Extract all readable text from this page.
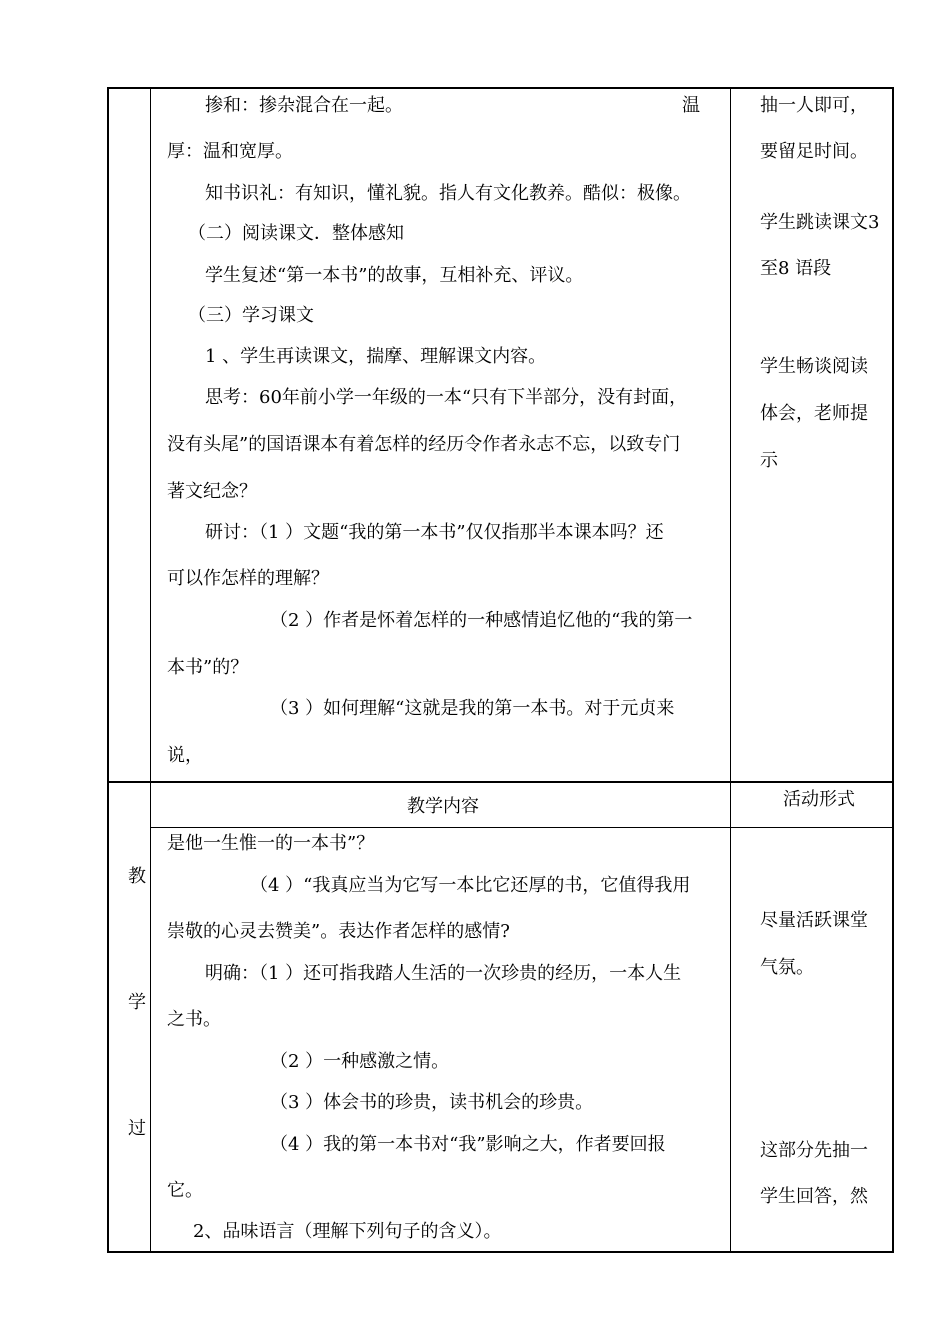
掺和：掺杂混合在一起。	温
厚：温和宽厚。
知书识礼：有知识，懂礼貌。指人有文化教养。酷似：极像。
（二）阅读课文．整体感知
学生复述“第一本书”的故事，互相补充、评议。
（三）学习课文
1 、学生再读课文，揣摩、理解课文内容。
思考：60年前小学一年级的一本“只有下半部分，没有封面，
没有头尾”的国语课本有着怎样的经历令作者永志不忘，以致专门
著文纪念？
研讨：（1 ）文题“我的第一本书”仅仅指那半本课本吗？还
可以作怎样的理解？
（2 ）作者是怀着怎样的一种感情追忆他的“我的第一
本书”的？
（3 ）如何理解“这就是我的第一本书。对于元贞来
说，
抽一人即可，
要留足时间。
学生跳读课文3
至8 语段
学生畅谈阅读
体会，老师提
示
教学内容	活动形式
教
学
过
是他一生惟一的一本书”？
（4 ）“我真应当为它写一本比它还厚的书，它值得我用
崇敬的心灵去赞美”。表达作者怎样的感情?
明确：（1 ）还可指我踏人生活的一次珍贵的经历，一本人生
之书。
（2 ）一种感激之情。
（3 ）体会书的珍贵，读书机会的珍贵。
（4 ）我的第一本书对“我”影响之大，作者要回报
它。
2、品味语言（理解下列句子的含义）。
尽量活跃课堂
气氛。
这部分先抽一
学生回答，然
